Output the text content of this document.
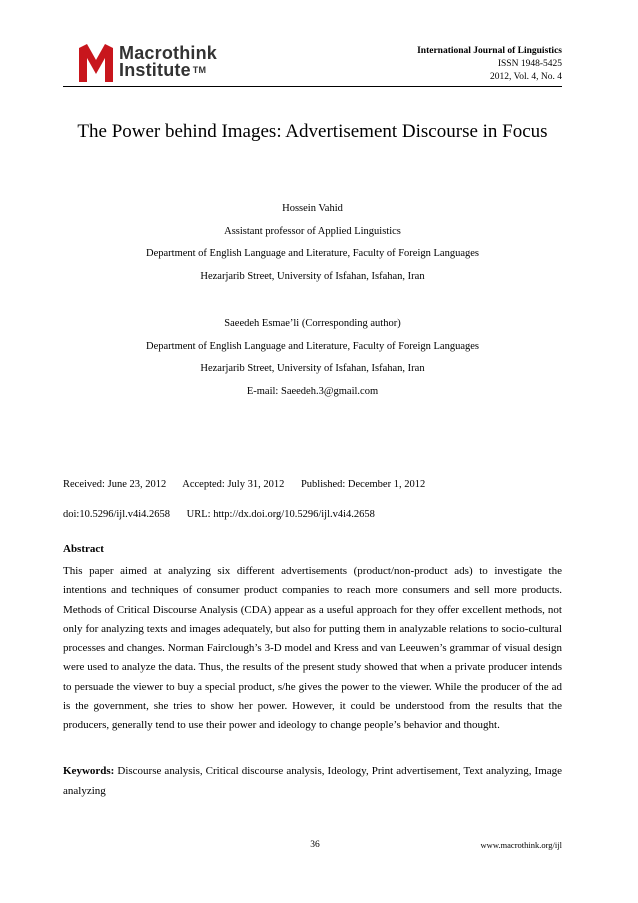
Macrothink
Institute ™
International Journal of Linguistics
ISSN 1948-5425
2012, Vol. 4, No. 4
The Power behind Images: Advertisement Discourse in Focus
Hossein Vahid
Assistant professor of Applied Linguistics
Department of English Language and Literature, Faculty of Foreign Languages
Hezarjarib Street, University of Isfahan, Isfahan, Iran
Saeedeh Esmae’li (Corresponding author)
Department of English Language and Literature, Faculty of Foreign Languages
Hezarjarib Street, University of Isfahan, Isfahan, Iran
E-mail: Saeedeh.3@gmail.com
Received: June 23, 2012 Accepted: July 31, 2012 Published: December 1, 2012
doi:10.5296/ijl.v4i4.2658 URL: http://dx.doi.org/10.5296/ijl.v4i4.2658
Abstract

This paper aimed at analyzing six different advertisements (product/non-product ads) to investigate the intentions and techniques of consumer product companies to reach more consumers and sell more products. Methods of Critical Discourse Analysis (CDA) appear as a useful approach for they offer excellent methods, not only for analyzing texts and images adequately, but also for putting them in analyzable relations to socio-cultural processes and changes. Norman Fairclough’s 3-D model and Kress and van Leeuwen’s grammar of visual design were used to analyze the data. Thus, the results of the present study showed that when a private producer intends to persuade the viewer to buy a special product, s/he gives the power to the viewer. While the producer of the ad is the government, she tries to show her power. However, it could be understood from the results that the producers, generally tend to use their power and ideology to change people’s behavior and thought.

Keywords: Discourse analysis, Critical discourse analysis, Ideology, Print advertisement, Text analyzing, Image analyzing

36	www.macrothink.org/ijl
